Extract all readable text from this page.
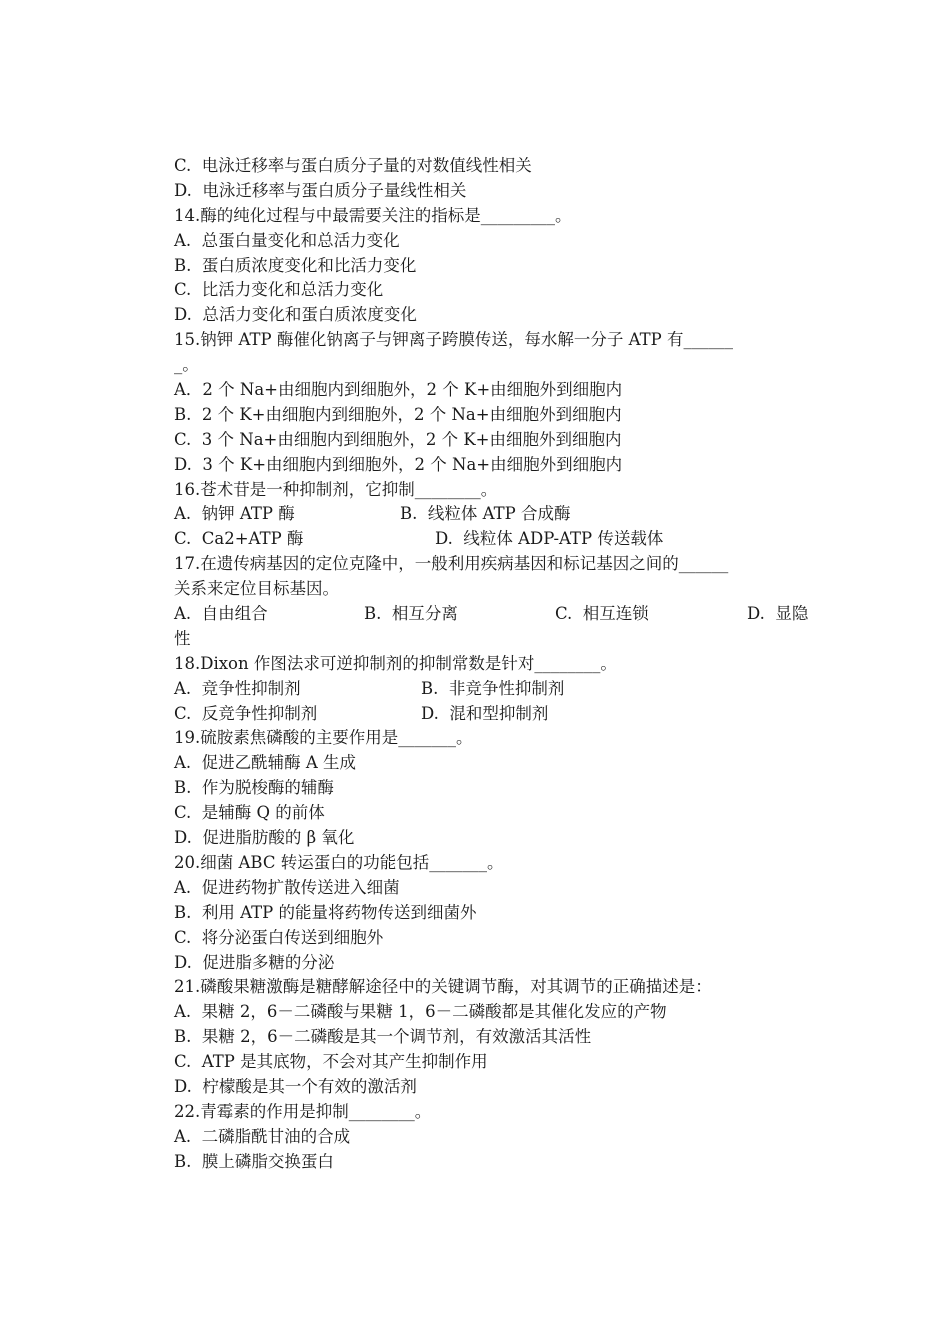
C.  电泳迁移率与蛋白质分子量的对数值线性相关
D.  电泳迁移率与蛋白质分子量线性相关
14.酶的纯化过程与中最需要关注的指标是_________。
A.  总蛋白量变化和总活力变化
B.  蛋白质浓度变化和比活力变化
C.  比活力变化和总活力变化
D.  总活力变化和蛋白质浓度变化
15.钠钾 ATP 酶催化钠离子与钾离子跨膜传送，每水解一分子 ATP 有______
_。
A．2 个 Na+由细胞内到细胞外，2 个 K+由细胞外到细胞内
B.  2 个 K+由细胞内到细胞外，2 个 Na+由细胞外到细胞内
C.  3 个 Na+由细胞内到细胞外，2 个 K+由细胞外到细胞内
D.  3 个 K+由细胞内到细胞外，2 个 Na+由细胞外到细胞内
16.苍术苷是一种抑制剂，它抑制________。

A.  钠钾 ATP 酶

	B.  线粒体 ATP 合成酶

C.  Ca2+ATP 酶

	D.  线粒体 ADP-ATP 传送载体

17.在遗传病基因的定位克隆中，一般利用疾病基因和标记基因之间的______
关系来定位目标基因。

A.  自由组合

	B.  相互分离

	C.  相互连锁

	D.  显隐

性
18.Dixon 作图法求可逆抑制剂的抑制常数是针对________。

A.  竞争性抑制剂

	B.  非竞争性抑制剂

C.  反竞争性抑制剂

	D.  混和型抑制剂

19.硫胺素焦磷酸的主要作用是_______。
A.  促进乙酰辅酶 A 生成
B.  作为脱梭酶的辅酶
C.  是辅酶 Q 的前体
D.  促进脂肪酸的 β 氧化
20.细菌 ABC 转运蛋白的功能包括_______。
A.  促进药物扩散传送进入细菌
B.  利用 ATP 的能量将药物传送到细菌外
C.  将分泌蛋白传送到细胞外
D.  促进脂多糖的分泌
21.磷酸果糖激酶是糖酵解途径中的关键调节酶，对其调节的正确描述是：
A.  果糖 2，6－二磷酸与果糖 1，6－二磷酸都是其催化发应的产物
B.  果糖 2，6－二磷酸是其一个调节剂，有效激活其活性
C.  ATP 是其底物，不会对其产生抑制作用
D.  柠檬酸是其一个有效的激活剂
22.青霉素的作用是抑制________。
A.  二磷脂酰甘油的合成
B.  膜上磷脂交换蛋白
